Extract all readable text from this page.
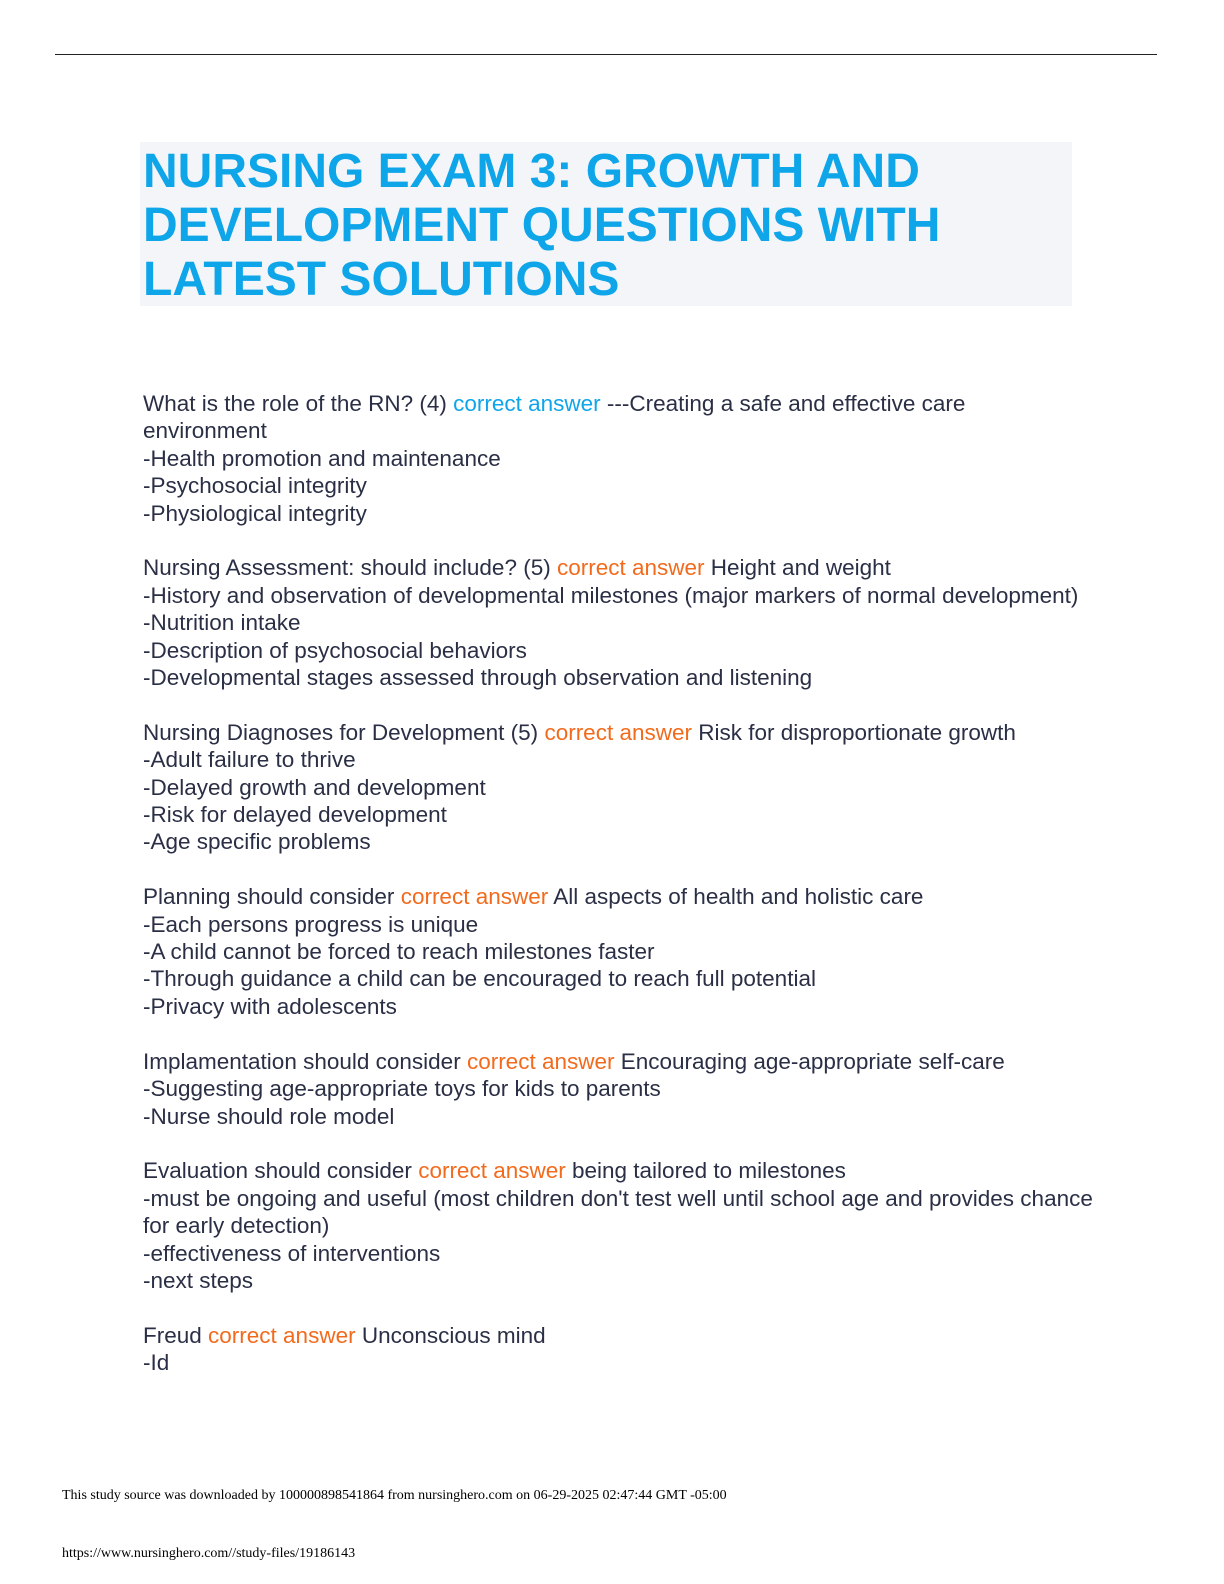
NURSING EXAM 3: GROWTH AND DEVELOPMENT QUESTIONS WITH LATEST SOLUTIONS
What is the role of the RN? (4) correct answer ---Creating a safe and effective care environment
-Health promotion and maintenance
-Psychosocial integrity
-Physiological integrity
Nursing Assessment: should include? (5) correct answer Height and weight
-History and observation of developmental milestones (major markers of normal development)
-Nutrition intake
-Description of psychosocial behaviors
-Developmental stages assessed through observation and listening
Nursing Diagnoses for Development (5) correct answer Risk for disproportionate growth
-Adult failure to thrive
-Delayed growth and development
-Risk for delayed development
-Age specific problems
Planning should consider correct answer All aspects of health and holistic care
-Each persons progress is unique
-A child cannot be forced to reach milestones faster
-Through guidance a child can be encouraged to reach full potential
-Privacy with adolescents
Implamentation should consider correct answer Encouraging age-appropriate self-care
-Suggesting age-appropriate toys for kids to parents
-Nurse should role model
Evaluation should consider correct answer being tailored to milestones
-must be ongoing and useful (most children don't test well until school age and provides chance for early detection)
-effectiveness of interventions
-next steps
Freud correct answer Unconscious mind
-Id
This study source was downloaded by 100000898541864 from nursinghero.com on 06-29-2025 02:47:44 GMT -05:00
https://www.nursinghero.com//study-files/19186143
